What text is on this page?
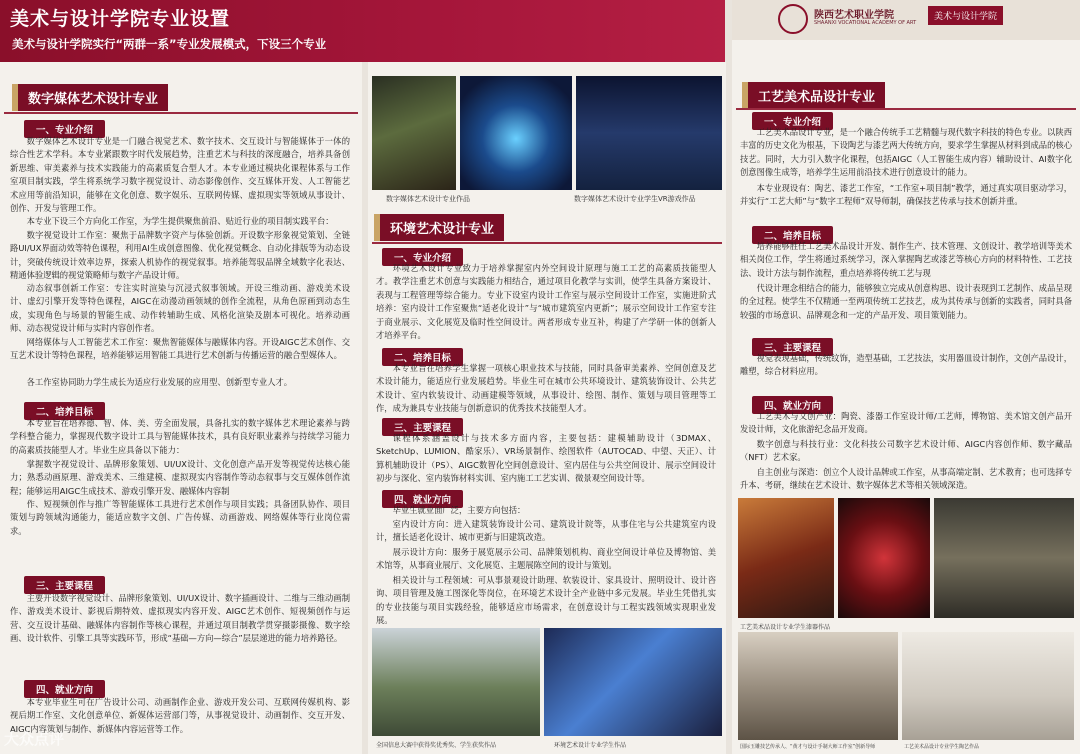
美术与设计学院专业设置
美术与设计学院实行“两群一系”专业发展模式，下设三个专业
陕西艺术职业学院
SHAANXI VOCATIONAL ACADEMY OF ART
美术与设计学院
数字媒体艺术设计专业
一、专业介绍
数字媒体艺术设计专业是一门融合视觉艺术、数字技术、交互设计与智能媒体于一体的综合性艺术学科。本专业紧跟数字时代发展趋势，注重艺术与科技的深度融合，培养具备创新思维、审美素养与技术实践能力的高素质复合型人才。本专业通过模块化课程体系与工作室项目制实践，学生将系统学习数字视觉设计、动态影像创作、交互媒体开发、人工智能艺术应用等前沿知识，能够在文化创意、数字娱乐、互联网传媒、虚拟现实等领域从事设计、创作、开发与管理工作。
本专业下设三个方向化工作室，为学生提供聚焦前沿、贴近行业的项目制实践平台：
数字视觉设计工作室：聚焦于品牌数字资产与体验创新。开设数字形象视觉策划、全链路UI/UX界面动效等特色课程，利用AI生成创意图像、优化视觉概念、自动化排版等为动态设计，突破传统设计效率边界，探索人机协作的视觉叙事。培养能驾驭品牌全域数字化表达、精通体验逻辑的视觉策略师与数字产品设计师。
动态叙事创新工作室：专注实时渲染与沉浸式叙事领域。开设三维动画、游戏美术设计、虚幻引擎开发等特色课程，AIGC在动漫动画领域的创作全流程，从角色原画到动态生成，实现角色与场景的智能生成、动作转辅助生成、风格化渲染及剧本可视化。培养动画师、动态视觉设计师与实时内容创作者。
网络媒体与人工智能艺术工作室：聚焦智能媒体与融媒体内容。开设AIGC艺术创作、交互艺术设计等特色课程，培养能够运用智能工具进行艺术创新与传播运营的融合型媒体人。
各工作室协同助力学生成长为适应行业发展的应用型、创新型专业人才。
二、培养目标
本专业旨在培养德、智、体、美、劳全面发展，具备扎实的数字媒体艺术理论素养与跨学科整合能力，掌握现代数字设计工具与智能媒体技术，具有良好职业素养与持续学习能力的高素质技能型人才。毕业生应具备以下能力：
掌握数字视觉设计、品牌形象策划、UI/UX设计、文化创意产品开发等视觉传达核心能力；熟悉动画原理、游戏美术、三维建模、虚拟现实内容制作等动态叙事与交互媒体创作流程；能够运用AIGC生成技术、游戏引擎开发、融媒体内容制
作、短视频创作与推广等智能媒体工具进行艺术创作与项目实践；具备团队协作、项目策划与跨领域沟通能力，能适应数字文创、广告传媒、动画游戏、网络媒体等行业岗位需求。
三、主要课程
主要开设数字视觉设计、品牌形象策划、UI/UX设计、数字插画设计、二维与三维动画制作、游戏美术设计、影视后期特效、虚拟现实内容开发、AIGC艺术创作、短视频创作与运营、交互设计基础、融媒体内容制作等核心课程，并通过项目制教学贯穿摄影摄像、数字绘画、设计软件、引擎工具等实践环节，形成“基础—方向—综合”层层递进的能力培养路径。
四、就业方向
本专业毕业生可在广告设计公司、动画制作企业、游戏开发公司、互联网传媒机构、影视后期工作室、文化创意单位、新媒体运营部门等，从事视觉设计、动画制作、交互开发、AIGC内容策划与制作、新媒体内容运营等工作。
数字媒体艺术设计专业作品	数字媒体艺术设计专业学生VR游戏作品
环境艺术设计专业
一、专业介绍
环境艺术设计专业致力于培养掌握室内外空间设计原理与施工工艺的高素质技能型人才。教学注重艺术创意与实践能力相结合，通过项目化教学与实训，使学生具备方案设计、表现与工程管理等综合能力。专业下设室内设计工作室与展示空间设计工作室，实施进阶式培养：室内设计工作室聚焦“适老化设计”与“城市建筑室内更新”；展示空间设计工作室专注于商业展示、文化展览及临时性空间设计。两者形成专业互补，构建了产学研一体的创新人才培养平台。
二、培养目标
本专业旨在培养学生掌握一项核心职业技术与技能，同时具备审美素养、空间创意及艺术设计能力，能适应行业发展趋势。毕业生可在城市公共环境设计、建筑装饰设计、公共艺术设计、室内软装设计、动画建模等领域，从事设计、绘图、制作、策划与项目管理等工作，成为兼具专业技能与创新意识的优秀技术技能型人才。
三、主要课程
课程体系涵盖设计与技术多方面内容，主要包括：建模辅助设计（3DMAX、SketchUp、LUMION、酷家乐）、VR场景制作、绘图软件（AUTOCAD、中望、天正）、计算机辅助设计（PS）、AIGC数智化空间创意设计、室内居住与公共空间设计、展示空间设计初步与深化、室内装饰材料实训、室内施工工艺实训、微景观空间设计等。
四、就业方向
毕业生就业面广泛，主要方向包括：
室内设计方向：进入建筑装饰设计公司、建筑设计院等，从事住宅与公共建筑室内设计，擅长适老化设计、城市更新与旧建筑改造。
展示设计方向：服务于展览展示公司、品牌策划机构、商业空间设计单位及博物馆、美术馆等，从事商业展厅、文化展览、主题展陈空间的设计与策划。
相关设计与工程领域：可从事景观设计助理、软装设计、家具设计、照明设计、设计咨询、项目管理及施工图深化等岗位，在环境艺术设计全产业链中多元发展。毕业生凭借扎实的专业技能与项目实践经验，能够适应市场需求，在创意设计与工程实践领域实现职业发展。
全国信息大赛中获得奖优秀奖、学生获奖作品	环境艺术设计专业学生作品
工艺美术品设计专业
一、专业介绍
工艺美术品设计专业，是一个融合传统手工艺精髓与现代数字科技的特色专业。以陕西丰富的历史文化为根基，下设陶艺与漆艺两大传统方向，要求学生掌握从材料到成品的核心技艺。同时，大力引入数字化课程，包括AIGC（人工智能生成内容）辅助设计、AI数字化创意图像生成等，培养学生运用前沿技术进行创意设计的能力。
本专业现设有：陶艺、漆艺工作室，“工作室+项目制”教学，通过真实项目驱动学习，并实行“工艺大师”与“数字工程师”双导师制，确保技艺传承与技术创新并重。
二、培养目标
培养能够胜任工艺美术品设计开发、制作生产、技术管理、文创设计、教学培训等美术相关岗位工作，学生将通过系统学习，深入掌握陶艺或漆艺等核心方向的材料特性、工艺技法、设计方法与制作流程，重点培养将传统工艺与现
代设计理念相结合的能力，能够独立完成从创意构思、设计表现到工艺制作、成品呈现的全过程。使学生不仅精通一至两项传统工艺技艺，成为其传承与创新的实践者，同时具备较强的市场意识、品牌观念和一定的产品开发、项目策划能力。
三、主要课程
视觉表现基础，传统纹饰，造型基础，工艺技法，实用器皿设计制作，文创产品设计，雕塑，综合材料应用。
四、就业方向
工艺美术与文创产业：陶瓷、漆器工作室设计师/工艺师，博物馆、美术馆文创产品开发设计师，文化旅游纪念品开发商。
数字创意与科技行业：文化科技公司数字艺术设计师、AIGC内容创作师、数字藏品（NFT）艺术家。
自主创业与深造：创立个人设计品牌或工作室，从事高端定制、艺术教育；也可选择专升本、考研，继续在艺术设计、数字媒体艺术等相关领域深造。
工艺美术品设计专业学生漆器作品
国际玉雕技艺传承人、“黄才与设计手制大师工作室”创新导师	工艺美术品设计专业学生陶艺作品
大众点评
